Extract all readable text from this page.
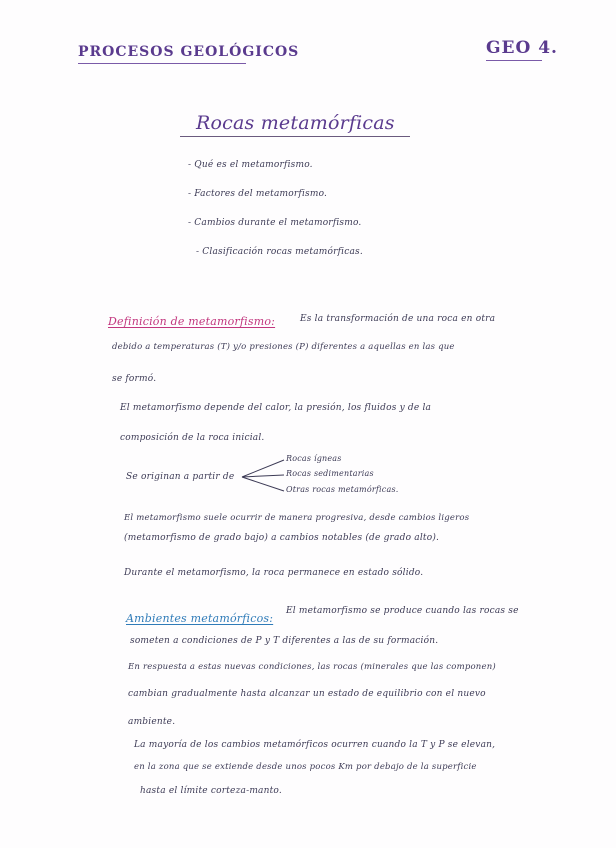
PROCESOS GEOLÓGICOS	GEO 4.
Rocas metamórficas
- Qué es el metamorfismo.
- Factores del metamorfismo.
- Cambios durante el metamorfismo.
- Clasificación rocas metamórficas.
Definición de metamorfismo:	Es la transformación de una roca en otra
debido a temperaturas (T) y/o presiones (P) diferentes a aquellas en las que
se formó.
El metamorfismo depende del calor, la presión, los fluidos y de la
composición de la roca inicial.
Se originan a partir de
Rocas ígneas
Rocas sedimentarias
Otras rocas metamórficas.
El metamorfismo suele ocurrir de manera progresiva, desde cambios ligeros
(metamorfismo de grado bajo) a cambios notables (de grado alto).
Durante el metamorfismo, la roca permanece en estado sólido.
Ambientes metamórficos:
El metamorfismo se produce cuando las rocas se
someten a condiciones de P y T diferentes a las de su formación.
En respuesta a estas nuevas condiciones, las rocas (minerales que las componen)
cambian gradualmente hasta alcanzar un estado de equilibrio con el nuevo
ambiente.
La mayoría de los cambios metamórficos ocurren cuando la T y P se elevan,
en la zona que se extiende desde unos pocos Km por debajo de la superficie
hasta el límite corteza-manto.
